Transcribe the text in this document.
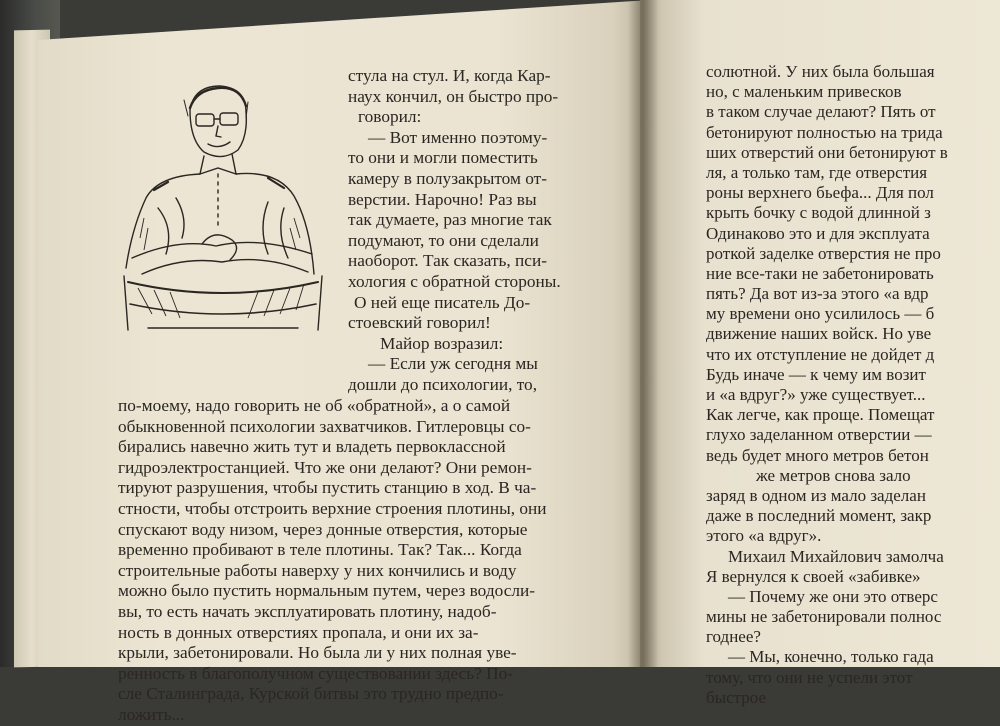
стула на стул. И, когда Кар-
наух кончил, он быстро про-
говорил:
— Вот именно поэтому-
то они и могли поместить
камеру в полузакрытом от-
верстии. Нарочно! Раз вы
так думаете, раз многие так
подумают, то они сделали
наоборот. Так сказать, пси-
хология с обратной стороны.
О ней еще писатель До-
стоевский говорил!
Майор возразил:
— Если уж сегодня мы
дошли до психологии, то,
по-моему, надо говорить не об «обратной», а о самой
обыкновенной психологии захватчиков. Гитлеровцы со-
бирались навечно жить тут и владеть первоклассной
гидроэлектростанцией. Что же они делают? Они ремон-
тируют разрушения, чтобы пустить станцию в ход. В ча-
стности, чтобы отстроить верхние строения плотины, они
спускают воду низом, через донные отверстия, которые
временно пробивают в теле плотины. Так? Так... Когда
строительные работы наверху у них кончились и воду
можно было пустить нормальным путем, через водосли-
вы, то есть начать эксплуатировать плотину, надоб-
ность в донных отверстиях пропала, и они их за-
крыли, забетонировали. Но была ли у них полная уве-
ренность в благополучном существовании здесь? По-
сле Сталинграда, Курской битвы это трудно предпо-
ложить...
солютной. У них была большая
но, с маленьким привесков
в таком случае делают? Пять от
бетонируют полностью на трида
ших отверстий они бетонируют в
ля, а только там, где отверстия
роны верхнего бьефа... Для пол
крыть бочку с водой длинной з
Одинаково это и для эксплуата
роткой заделке отверстия не про
ние все-таки не забетонировать
пять? Да вот из-за этого «а вдр
му времени оно усилилось — б
движение наших войск. Но уве
что их отступление не дойдет д
Будь иначе — к чему им возит
и «а вдруг?» уже существует...
Как легче, как проще. Помещат
глухо заделанном отверстии —
ведь будет много метров бетон
же метров снова зало
заряд в одном из мало заделан
даже в последний момент, закр
этого «а вдруг».
Михаил Михайлович замолча
Я вернулся к своей «забивке»
— Почему же они это отверс
мины не забетонировали полнос
годнее?
— Мы, конечно, только гада
тому, что они не успели этот
быстрое
